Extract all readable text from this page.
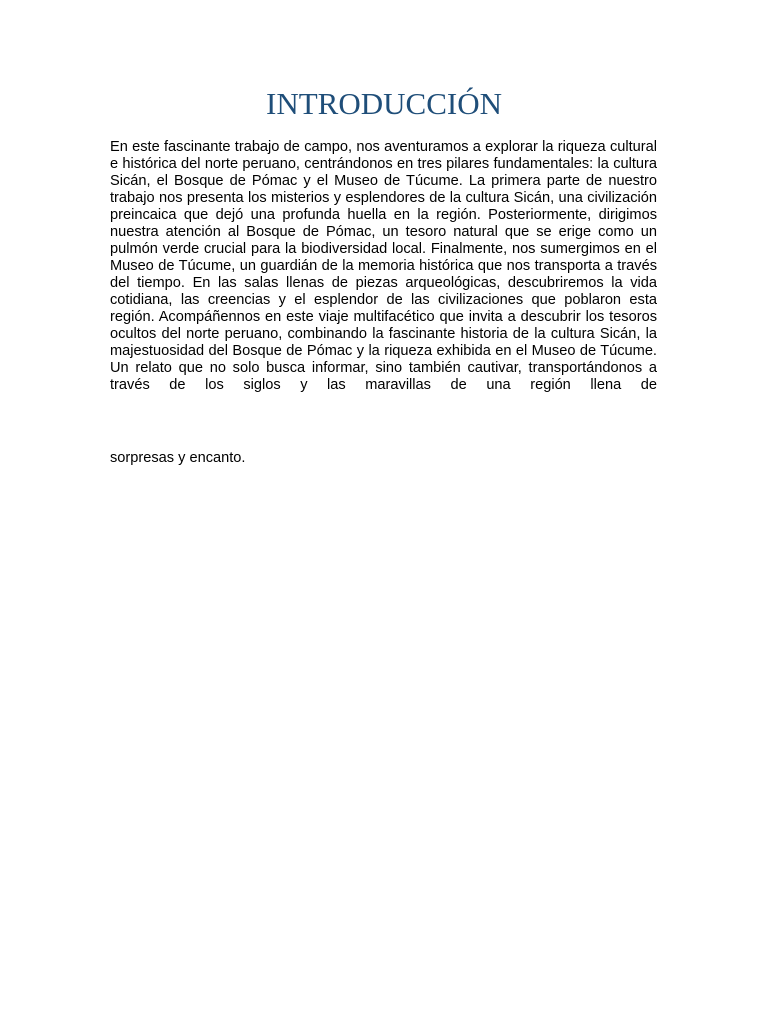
INTRODUCCIÓN

En este fascinante trabajo de campo, nos aventuramos a explorar la riqueza cultural e histórica del norte peruano, centrándonos en tres pilares fundamentales: la cultura Sicán, el Bosque de Pómac y el Museo de Túcume. La primera parte de nuestro trabajo nos presenta los misterios y esplendores de la cultura Sicán, una civilización preincaica que dejó una profunda huella en la región. Posteriormente, dirigimos nuestra atención al Bosque de Pómac, un tesoro natural que se erige como un pulmón verde crucial para la biodiversidad local. Finalmente, nos sumergimos en el Museo de Túcume, un guardián de la memoria histórica que nos transporta a través del tiempo. En las salas llenas de piezas arqueológicas, descubriremos la vida cotidiana, las creencias y el esplendor de las civilizaciones que poblaron esta región. Acompáñennos en este viaje multifacético que invita a descubrir los tesoros ocultos del norte peruano, combinando la fascinante historia de la cultura Sicán, la majestuosidad del Bosque de Pómac y la riqueza exhibida en el Museo de Túcume. Un relato que no solo busca informar, sino también cautivar, transportándonos a través de los siglos y las maravillas de una región llena de

sorpresas y encanto.
